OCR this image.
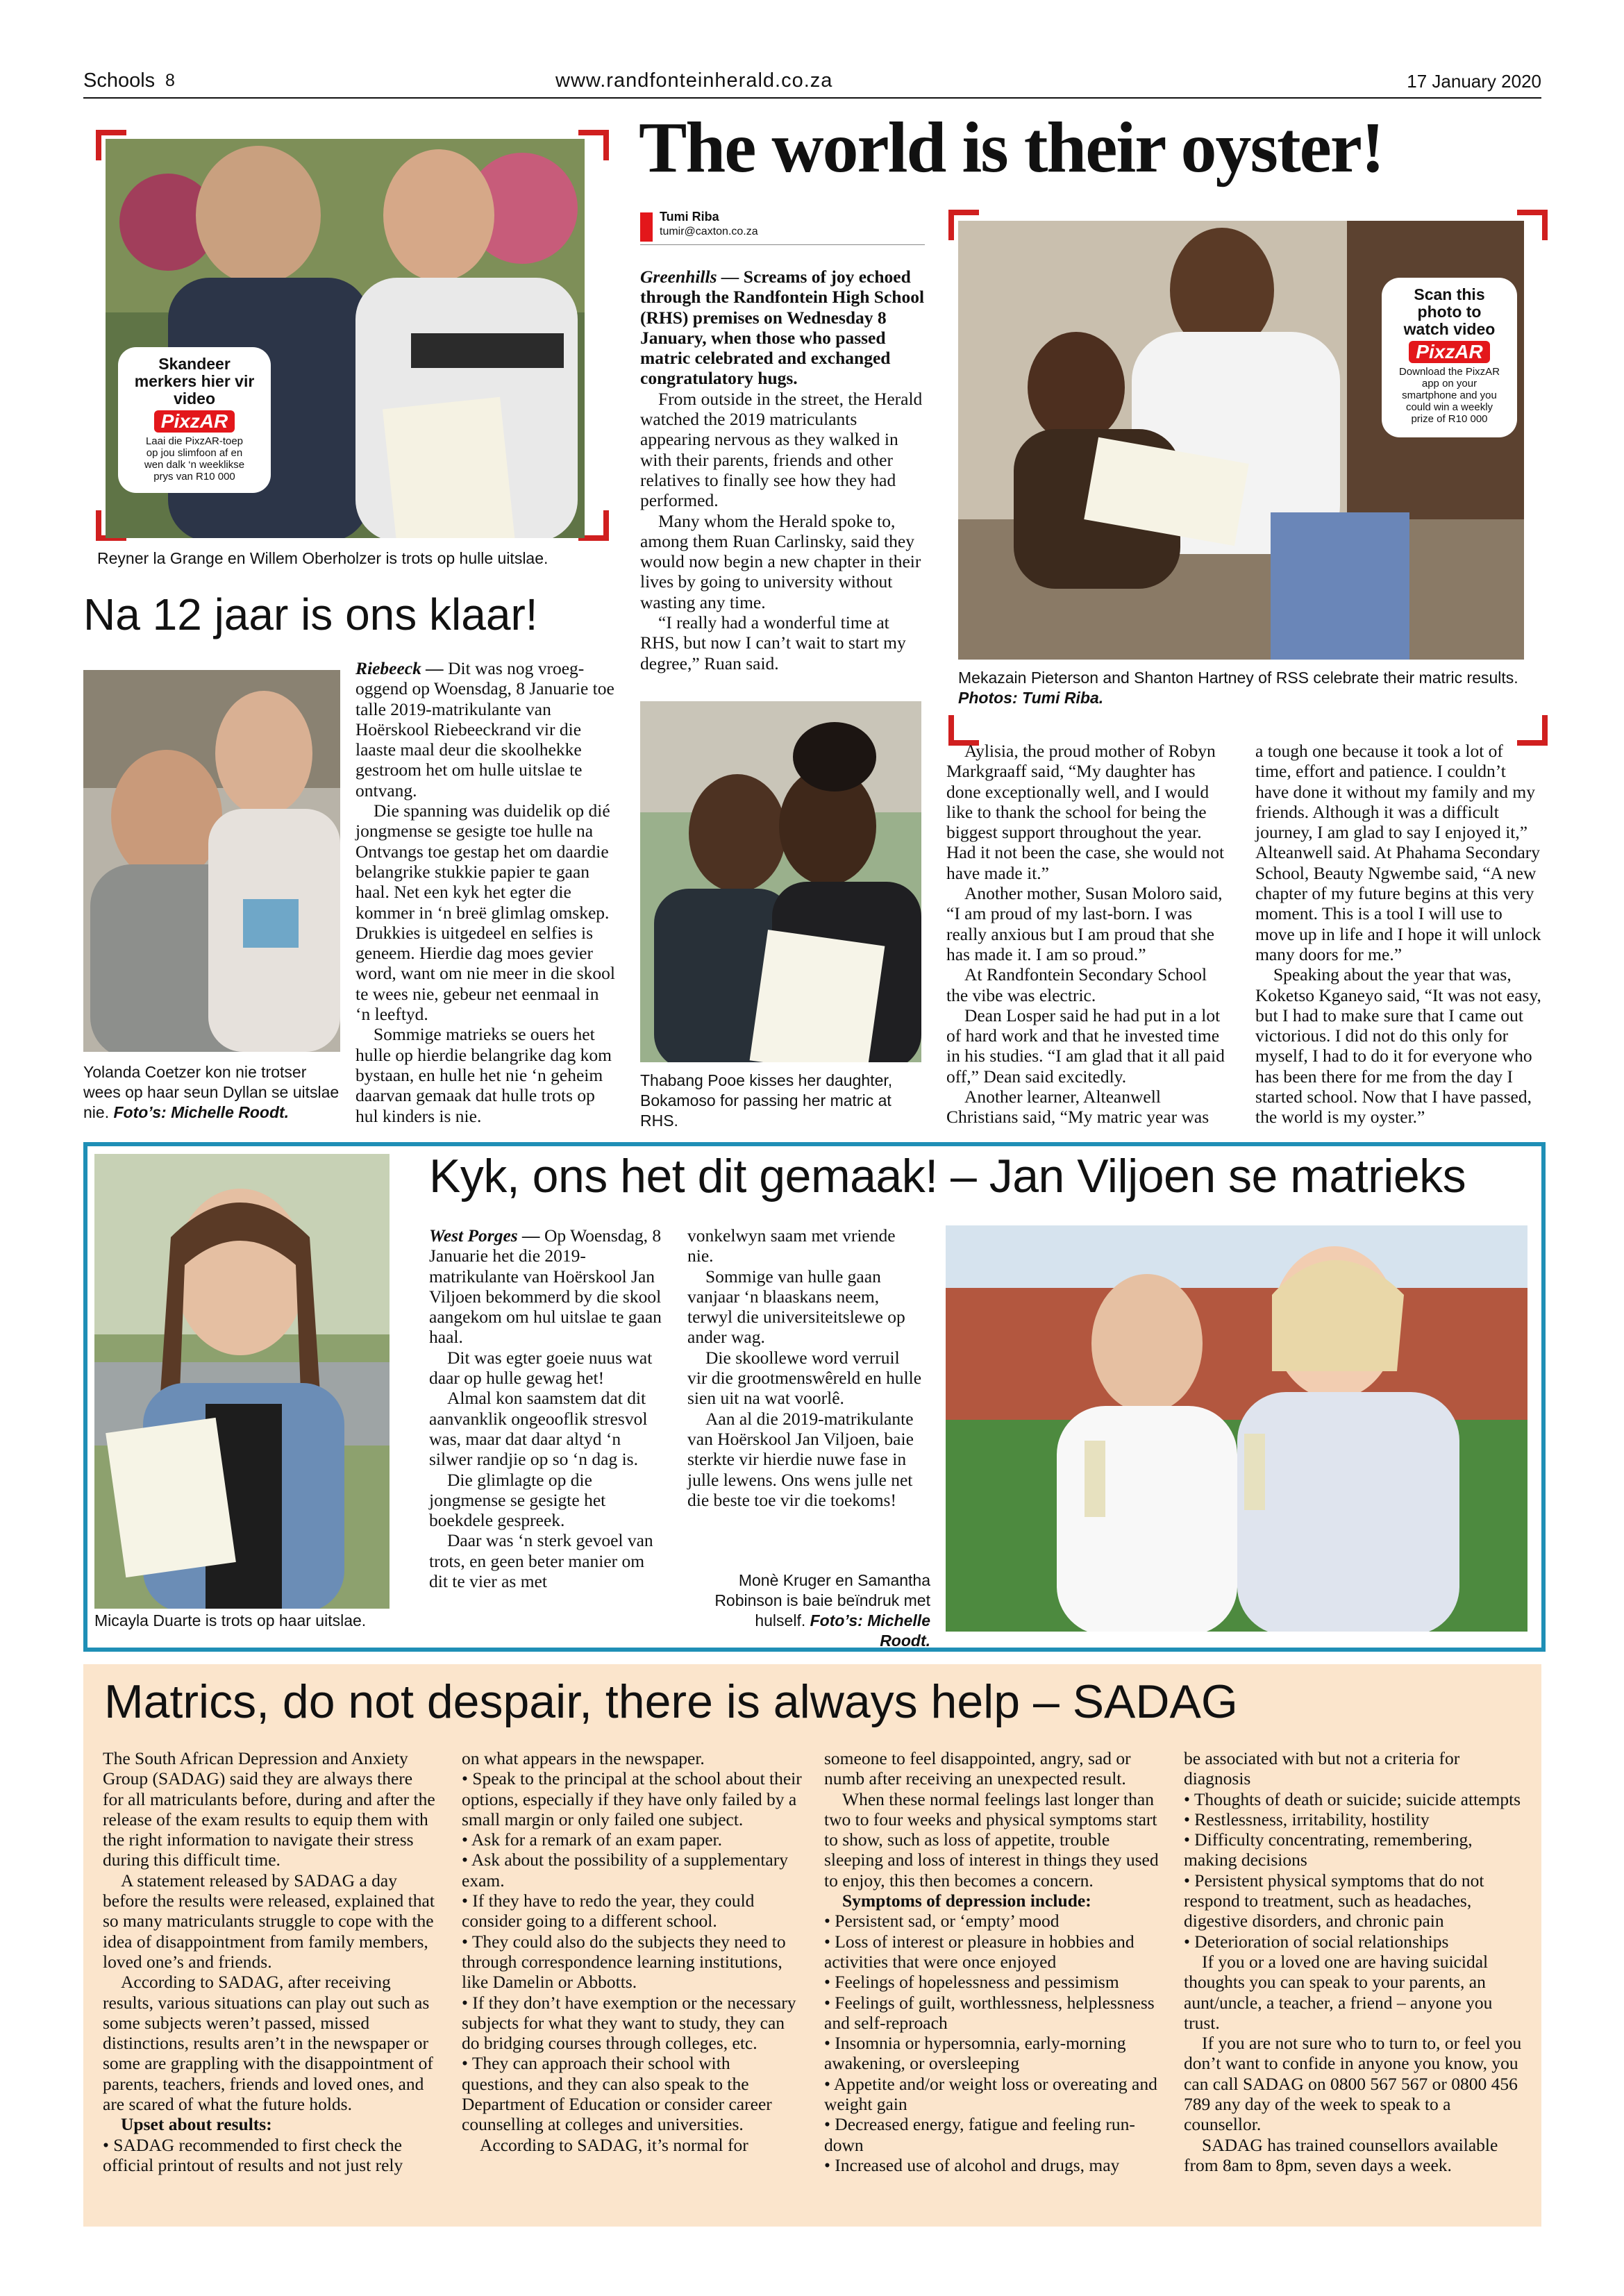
Schools 8	www.randfonteinherald.co.za	17 January 2020
Skandeer merkers hier vir video
PixzAR
Laai die PixzAR-toep op jou slimfoon af en wen dalk ‘n weeklikse prys van R10 000
Reyner la Grange en Willem Oberholzer is trots op hulle uitslae.
Na 12 jaar is ons klaar!
Yolanda Coetzer kon nie trotser wees op haar seun Dyllan se uitslae nie. Foto’s: Michelle Roodt.

Riebeeck — Dit was nog vroeg-oggend op Woensdag, 8 Januarie toe talle 2019-matrikulante van Hoërskool Riebeeckrand vir die laaste maal deur die skoolhekke gestroom het om hulle uitslae te ontvang.

Die spanning was duidelik op dié jongmense se gesigte toe hulle na Ontvangs toe gestap het om daardie belangrike stukkie papier te gaan haal. Net een kyk het egter die kommer in ‘n breë glimlag omskep. Drukkies is uitgedeel en selfies is geneem. Hierdie dag moes gevier word, want om nie meer in die skool te wees nie, gebeur net eenmaal in ‘n leeftyd.

Sommige matrieks se ouers het hulle op hierdie belangrike dag kom bystaan, en hulle het nie ‘n geheim daarvan gemaak dat hulle trots op hul kinders is nie.

The world is their oyster!
Tumi Riba
tumir@caxton.co.za

Greenhills — Screams of joy echoed through the Randfontein High School (RHS) premises on Wednesday 8 January, when those who passed matric celebrated and exchanged congratulatory hugs.

From outside in the street, the Herald watched the 2019 matriculants appearing nervous as they walked in with their parents, friends and other relatives to finally see how they had performed.

Many whom the Herald spoke to, among them Ruan Carlinsky, said they would now begin a new chapter in their lives by going to university without wasting any time.

“I really had a wonderful time at RHS, but now I can’t wait to start my degree,” Ruan said.

Scan this photo to watch video
PixzAR
Download the PixzAR app on your smartphone and you could win a weekly prize of R10 000
Mekazain Pieterson and Shanton Hartney of RSS celebrate their matric results. Photos: Tumi Riba.
Thabang Pooe kisses her daughter, Bokamoso for passing her matric at RHS.

Aylisia, the proud mother of Robyn Markgraaff said, “My daughter has done exceptionally well, and I would like to thank the school for being the biggest support throughout the year. Had it not been the case, she would not have made it.”

Another mother, Susan Moloro said, “I am proud of my last-born. I was really anxious but I am proud that she has made it. I am so proud.”

At Randfontein Secondary School the vibe was electric.

Dean Losper said he had put in a lot of hard work and that he invested time in his studies. “I am glad that it all paid off,” Dean said excitedly.

Another learner, Alteanwell Christians said, “My matric year was

a tough one because it took a lot of time, effort and patience. I couldn’t have done it without my family and my friends. Although it was a difficult journey, I am glad to say I enjoyed it,” Alteanwell said. At Phahama Secondary School, Beauty Ngwembe said, “A new chapter of my future begins at this very moment. This is a tool I will use to move up in life and I hope it will unlock many doors for me.”

Speaking about the year that was, Koketso Kganeyo said, “It was not easy, but I had to make sure that I came out victorious. I did not do this only for myself, I had to do it for everyone who has been there for me from the day I started school. Now that I have passed, the world is my oyster.”

Micayla Duarte is trots op haar uitslae.
Kyk, ons het dit gemaak! – Jan Viljoen se matrieks

West Porges — Op Woensdag, 8 Januarie het die 2019-matrikulante van Hoërskool Jan Viljoen bekommerd by die skool aangekom om hul uitslae te gaan haal.

Dit was egter goeie nuus wat daar op hulle gewag het!

Almal kon saamstem dat dit aanvanklik ongeooflik stresvol was, maar dat daar altyd ‘n silwer randjie op so ‘n dag is.

Die glimlagte op die jongmense se gesigte het boekdele gespreek.

Daar was ‘n sterk gevoel van trots, en geen beter manier om dit te vier as met

vonkelwyn saam met vriende nie.

Sommige van hulle gaan vanjaar ‘n blaaskans neem, terwyl die universiteitslewe op ander wag.

Die skoollewe word verruil vir die grootmenswêreld en hulle sien uit na wat voorlê.

Aan al die 2019-matrikulante van Hoërskool Jan Viljoen, baie sterkte vir hierdie nuwe fase in julle lewens. Ons wens julle net die beste toe vir die toekoms!

Monè Kruger en Samantha Robinson is baie beïndruk met hulself. Foto’s: Michelle Roodt.
Matrics, do not despair, there is always help – SADAG

The South African Depression and Anxiety Group (SADAG) said they are always there for all matriculants before, during and after the release of the exam results to equip them with the right information to navigate their stress during this difficult time.

A statement released by SADAG a day before the results were released, explained that so many matriculants struggle to cope with the idea of disappointment from family members, loved one’s and friends.

According to SADAG, after receiving results, various situations can play out such as some subjects weren’t passed, missed distinctions, results aren’t in the newspaper or some are grappling with the disappointment of parents, teachers, friends and loved ones, and are scared of what the future holds.

Upset about results:

• SADAG recommended to first check the official printout of results and not just rely

on what appears in the newspaper.

• Speak to the principal at the school about their options, especially if they have only failed by a small margin or only failed one subject.

• Ask for a remark of an exam paper.

• Ask about the possibility of a supplementary exam.

• If they have to redo the year, they could consider going to a different school.

• They could also do the subjects they need to through correspondence learning institutions, like Damelin or Abbotts.

• If they don’t have exemption or the necessary subjects for what they want to study, they can do bridging courses through colleges, etc.

• They can approach their school with questions, and they can also speak to the Department of Education or consider career counselling at colleges and universities.

According to SADAG, it’s normal for

someone to feel disappointed, angry, sad or numb after receiving an unexpected result.

When these normal feelings last longer than two to four weeks and physical symptoms start to show, such as loss of appetite, trouble sleeping and loss of interest in things they used to enjoy, this then becomes a concern.

Symptoms of depression include:

• Persistent sad, or ‘empty’ mood

• Loss of interest or pleasure in hobbies and activities that were once enjoyed

• Feelings of hopelessness and pessimism

• Feelings of guilt, worthlessness, helplessness and self-reproach

• Insomnia or hypersomnia, early-morning awakening, or oversleeping

• Appetite and/or weight loss or overeating and weight gain

• Decreased energy, fatigue and feeling run-down

• Increased use of alcohol and drugs, may

be associated with but not a criteria for diagnosis

• Thoughts of death or suicide; suicide attempts

• Restlessness, irritability, hostility

• Difficulty concentrating, remembering, making decisions

• Persistent physical symptoms that do not respond to treatment, such as headaches, digestive disorders, and chronic pain

• Deterioration of social relationships

If you or a loved one are having suicidal thoughts you can speak to your parents, an aunt/uncle, a teacher, a friend – anyone you trust.

If you are not sure who to turn to, or feel you don’t want to confide in anyone you know, you can call SADAG on 0800 567 567 or 0800 456 789 any day of the week to speak to a counsellor.

SADAG has trained counsellors available from 8am to 8pm, seven days a week.
